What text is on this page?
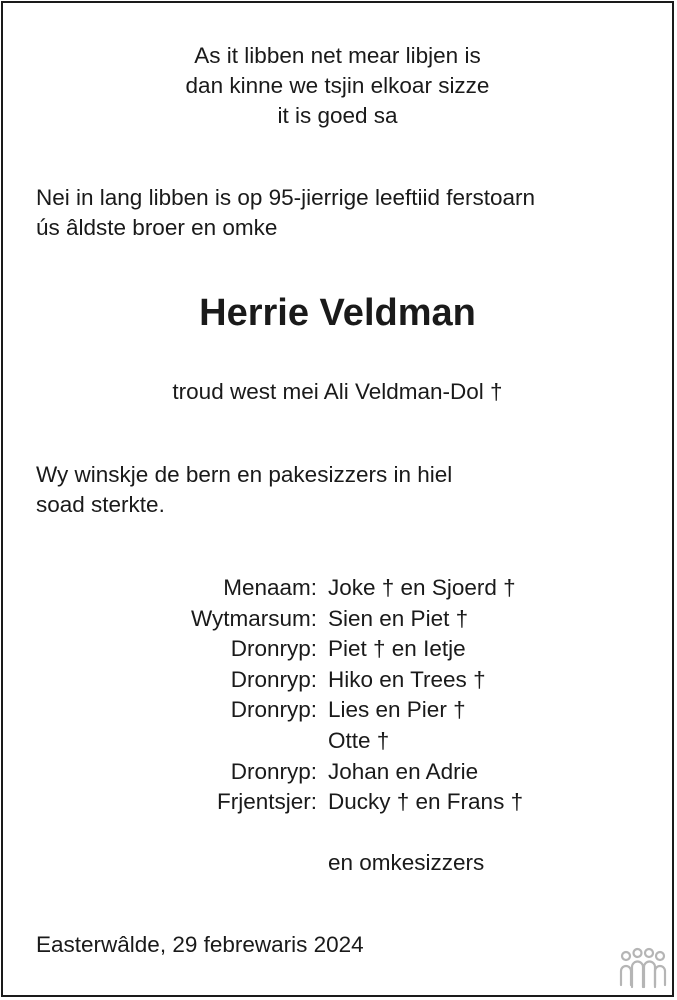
As it libben net mear libjen is
dan kinne we tsjin elkoar sizze
it is goed sa
Nei in lang libben is op 95-jierrige leeftiid ferstoarn
ús âldste broer en omke
Herrie Veldman
troud west mei Ali Veldman-Dol †
Wy winskje de bern en pakesizzers in hiel
soad sterkte.
Menaam: Joke † en Sjoerd †
Wytmarsum: Sien en Piet †
Dronryp: Piet † en Ietje
Dronryp: Hiko en Trees †
Dronryp: Lies en Pier †
Otte †
Dronryp: Johan en Adrie
Frjentsjer: Ducky † en Frans †
en omkesizzers
Easterwâlde, 29 febrewaris 2024
